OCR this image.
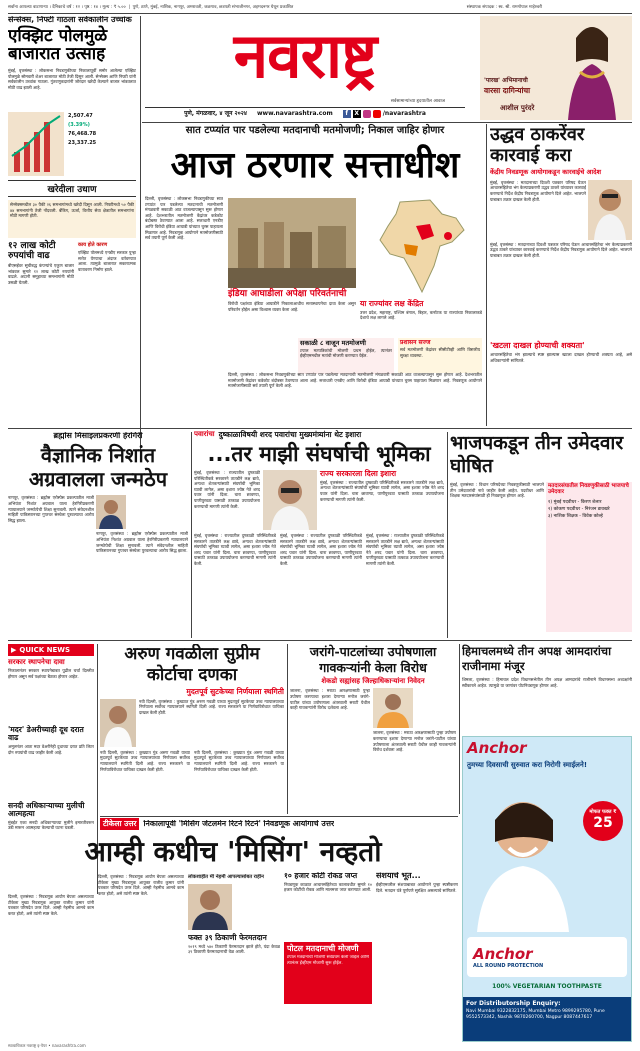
सर्वांना आपल्या वाटणाऱ्या । दैनिकाचे वर्ष : १२ । पृष्ठ : १४ । मूल्य : ₹ ५.००  |  पुणे, ठाणे, मुंबई, नाशिक, नागपूर, अमरावती, जळगाव, छत्रपती संभाजीनगर, अहमदनगर येथून प्रकाशित	संस्थापक संपादक : स्व. श्री. रामगोपाल माहेश्वरी
सेन्सेक्स, निफ्टी गाठला सर्वकालीन उच्चांक
एक्झिट पोलमुळे बाजारात उत्साह
मुंबई, वृत्तसंस्था : लोकसभा निवडणुकीच्या निकालापूर्वी समोर आलेल्या एक्झिट पोलमुळे सोमवारी शेअर बाजारात मोठी तेजी दिसून आली. सेन्सेक्स आणि निफ्टी यांनी सर्वकालीन उच्चांक गाठला. गुंतवणूकदारांनी जोरदार खरेदी केल्याने बाजार भांडवलात मोठी वाढ झाली आहे.
2,507.47
(3.39%)
76,468.78
23,337.25
खरेदीला उधाण
सेन्सेक्समधील ३० पैकी २६ समभागांमध्ये खरेदी दिसून आली. निफ्टीमध्ये ५० पैकी ४४ समभागांनी तेजी नोंदवली. बँकिंग, ऊर्जा, वित्तीय सेवा क्षेत्रातील समभागांना मोठी मागणी होती.
१२ लाख कोटी रुपयांची वाढ
बीएसईवर सूचीबद्ध कंपन्यांचे एकूण बाजार भांडवल सुमारे १२ लाख कोटी रुपयांनी वाढले. अदानी समूहाच्या समभागांनी मोठी उसळी घेतली.
काय होते कारण
एक्झिट पोलमध्ये एनडीए सरकार पुन्हा सत्तेत येण्याचा अंदाज वर्तवण्यात आला. त्यामुळे बाजारात सकारात्मक वातावरण निर्माण झाले.
नवराष्ट्र
सर्वसामान्यांच्या हृदयातील आवाज
पुणे, मंगळवार, ४ जून २०२४ www.navarashtra.com	f	X	/navarashtra
'पारख' अभिमानाची
वारसा दागिन्यांचा
आशील पुरंदरे
सात टप्प्यांत पार पडलेल्या मतदानाची मतमोजणी; निकाल जाहिर होणार
आज ठरणार सत्ताधीश
दिल्ली, वृत्तसंस्था : लोकसभा निवडणुकीच्या सात टप्प्यांत पार पडलेल्या मतदानाची मतमोजणी मंगळवारी सकाळी आठ वाजल्यापासून सुरू होणार आहे. देशभरातील मतमोजणी केंद्रांवर कडेकोट बंदोबस्त ठेवण्यात आला आहे. सत्ताधारी एनडीए आणि विरोधी इंडिया आघाडी यांच्यात चुरस पाहायला मिळणार आहे. निवडणूक आयोगाने मतमोजणीसाठी सर्व तयारी पूर्ण केली आहे.
इंडिया आघाडीला अपेक्षा परिवर्तनाची
विरोधी पक्षांच्या इंडिया आघाडीने निकालाआधीच सत्तास्थापनेचा दावा केला असून परिवर्तन होईल असा विश्वास व्यक्त केला आहे.
या राज्यांवर लक्ष केंद्रित
उत्तर प्रदेश, महाराष्ट्र, पश्चिम बंगाल, बिहार, कर्नाटक या राज्यांच्या निकालाकडे देशाचे लक्ष लागले आहे.
सकाळी ८ वाजून मतमोजणी
टपाल मतपत्रिकांची मोजणी प्रथम होईल, त्यानंतर ईव्हीएममधील मतांची मोजणी करण्यात येईल.
प्रशासन सज्ज
सर्व मतमोजणी केंद्रांवर सीसीटीव्ही आणि त्रिस्तरीय सुरक्षा व्यवस्था.
दिल्ली, वृत्तसंस्था : लोकसभा निवडणुकीच्या सात टप्प्यांत पार पडलेल्या मतदानाची मतमोजणी मंगळवारी सकाळी आठ वाजल्यापासून सुरू होणार आहे. देशभरातील मतमोजणी केंद्रांवर कडेकोट बंदोबस्त ठेवण्यात आला आहे. सत्ताधारी एनडीए आणि विरोधी इंडिया आघाडी यांच्यात चुरस पाहायला मिळणार आहे. निवडणूक आयोगाने मतमोजणीसाठी सर्व तयारी पूर्ण केली आहे.
उद्धव ठाकरेंवर कारवाई करा
केंद्रीय निवडणूक आयोगाकडून कारवाईचे आदेश
मुंबई, वृत्तसंस्था : मतदानाच्या दिवशी पत्रकार परिषद घेऊन आचारसंहितेचा भंग केल्याप्रकरणी उद्धव ठाकरे यांच्यावर कारवाई करण्याचे निर्देश केंद्रीय निवडणूक आयोगाने दिले आहेत. भाजपने याबाबत तक्रार दाखल केली होती.
मुंबई, वृत्तसंस्था : मतदानाच्या दिवशी पत्रकार परिषद घेऊन आचारसंहितेचा भंग केल्याप्रकरणी उद्धव ठाकरे यांच्यावर कारवाई करण्याचे निर्देश केंद्रीय निवडणूक आयोगाने दिले आहेत. भाजपने याबाबत तक्रार दाखल केली होती.
'खटला दाखल होण्याची शक्यता'
आचारसंहितेचा भंग झाल्याचे स्पष्ट झाल्यास खटला दाखल होण्याची शक्यता आहे, असे अधिकाऱ्यांनी सांगितले.
ब्रह्मोस मिसाइलप्रकरणी हेरगिरी
वैज्ञानिक निशांत अग्रवालला जन्मठेप
नागपूर, वृत्तसंस्था : ब्रह्मोस एरोस्पेस प्रकल्पातील माजी अभियंता निशांत अग्रवाल याला हेरगिरीप्रकरणी न्यायालयाने जन्मठेपेची शिक्षा सुनावली. त्याने संवेदनशील माहिती पाकिस्तानच्या गुप्तचर संस्थेला पुरवल्याचा आरोप सिद्ध झाला.
नागपूर, वृत्तसंस्था : ब्रह्मोस एरोस्पेस प्रकल्पातील माजी अभियंता निशांत अग्रवाल याला हेरगिरीप्रकरणी न्यायालयाने जन्मठेपेची शिक्षा सुनावली. त्याने संवेदनशील माहिती पाकिस्तानच्या गुप्तचर संस्थेला पुरवल्याचा आरोप सिद्ध झाला.
पवारांचा दुष्काळाविषयी शरद पवारांचा मुख्यमंत्र्यांना थेट इशारा
...तर माझी संघर्षाची भूमिका
मुंबई, वृत्तसंस्था : राज्यातील दुष्काळी परिस्थितीकडे सरकारने तातडीने लक्ष द्यावे, अन्यथा शेतकऱ्यांसाठी संघर्षाची भूमिका घ्यावी लागेल, असा इशारा ज्येष्ठ नेते शरद पवार यांनी दिला. चारा छावण्या, पाणीपुरवठा यासाठी तत्काळ उपाययोजना करण्याची मागणी त्यांनी केली.
राज्य सरकारला दिला इशारा
मुंबई, वृत्तसंस्था : राज्यातील दुष्काळी परिस्थितीकडे सरकारने तातडीने लक्ष द्यावे, अन्यथा शेतकऱ्यांसाठी संघर्षाची भूमिका घ्यावी लागेल, असा इशारा ज्येष्ठ नेते शरद पवार यांनी दिला. चारा छावण्या, पाणीपुरवठा यासाठी तत्काळ उपाययोजना करण्याची मागणी त्यांनी केली.
मुंबई, वृत्तसंस्था : राज्यातील दुष्काळी परिस्थितीकडे सरकारने तातडीने लक्ष द्यावे, अन्यथा शेतकऱ्यांसाठी संघर्षाची भूमिका घ्यावी लागेल, असा इशारा ज्येष्ठ नेते शरद पवार यांनी दिला. चारा छावण्या, पाणीपुरवठा यासाठी तत्काळ उपाययोजना करण्याची मागणी त्यांनी केली.
मुंबई, वृत्तसंस्था : राज्यातील दुष्काळी परिस्थितीकडे सरकारने तातडीने लक्ष द्यावे, अन्यथा शेतकऱ्यांसाठी संघर्षाची भूमिका घ्यावी लागेल, असा इशारा ज्येष्ठ नेते शरद पवार यांनी दिला. चारा छावण्या, पाणीपुरवठा यासाठी तत्काळ उपाययोजना करण्याची मागणी त्यांनी केली.
मुंबई, वृत्तसंस्था : राज्यातील दुष्काळी परिस्थितीकडे सरकारने तातडीने लक्ष द्यावे, अन्यथा शेतकऱ्यांसाठी संघर्षाची भूमिका घ्यावी लागेल, असा इशारा ज्येष्ठ नेते शरद पवार यांनी दिला. चारा छावण्या, पाणीपुरवठा यासाठी तत्काळ उपाययोजना करण्याची मागणी त्यांनी केली.
भाजपकडून तीन उमेदवार घोषित
मुंबई, वृत्तसंस्था : विधान परिषदेच्या निवडणुकीसाठी भाजपने तीन उमेदवारांची नावे जाहीर केली आहेत. पदवीधर आणि शिक्षक मतदारसंघांसाठी ही निवडणूक होणार आहे.
मतदारसंघातील निवडणुकीसाठी भाजपाचे उमेदवार
१) मुंबई पदवीधर - किरण शेलार
२) कोकण पदवीधर - निरंजन डावखरे
३) नाशिक शिक्षक - विवेक कोल्हे
▶ QUICK NEWS
सरकार स्थापनेचा दावा
निकालानंतर सरकार स्थापनेबाबत पुढील चर्चा दिल्लीत होणार असून सर्व पक्षांच्या बैठका होणार आहेत.
'मदर' डेअरीच्याही दूध दरात वाढ
अमूलनंतर आता मदर डेअरीनेही दुधाच्या दरात प्रति लिटर दोन रुपयांची वाढ जाहीर केली आहे.
सनदी अधिकाऱ्याच्या मुलीची आत्महत्या
मुंबईत एका सनदी अधिकाऱ्याच्या मुलीने इमारतीवरून उडी मारून आत्महत्या केल्याची घटना घडली.
अरुण गवळीला सुप्रीम कोर्टाचा दणका
मुदतपूर्व सुटकेच्या निर्णयाला स्थगिती
नवी दिल्ली, वृत्तसंस्था : कुख्यात गुंड अरुण गवळी याच्या मुदतपूर्व सुटकेच्या उच्च न्यायालयाच्या निर्णयाला सर्वोच्च न्यायालयाने स्थगिती दिली आहे. राज्य सरकारने या निर्णयाविरोधात याचिका दाखल केली होती.
नवी दिल्ली, वृत्तसंस्था : कुख्यात गुंड अरुण गवळी याच्या मुदतपूर्व सुटकेच्या उच्च न्यायालयाच्या निर्णयाला सर्वोच्च न्यायालयाने स्थगिती दिली आहे. राज्य सरकारने या निर्णयाविरोधात याचिका दाखल केली होती.
नवी दिल्ली, वृत्तसंस्था : कुख्यात गुंड अरुण गवळी याच्या मुदतपूर्व सुटकेच्या उच्च न्यायालयाच्या निर्णयाला सर्वोच्च न्यायालयाने स्थगिती दिली आहे. राज्य सरकारने या निर्णयाविरोधात याचिका दाखल केली होती.
जरांगे-पाटलांच्या उपोषणाला गावकऱ्यांनी केला विरोध
शेकडो सह्यांसह जिल्हाधिकाऱ्यांना निवेदन
जालना, वृत्तसंस्था : मराठा आरक्षणासाठी पुन्हा उपोषण करण्याचा इशारा देणाऱ्या मनोज जरांगे-पाटील यांच्या उपोषणाला अंतरवाली सराटी येथील काही गावकऱ्यांनी विरोध दर्शवला आहे.
जालना, वृत्तसंस्था : मराठा आरक्षणासाठी पुन्हा उपोषण करण्याचा इशारा देणाऱ्या मनोज जरांगे-पाटील यांच्या उपोषणाला अंतरवाली सराटी येथील काही गावकऱ्यांनी विरोध दर्शवला आहे.
हिमाचलमध्ये तीन अपक्ष आमदारांचा राजीनामा मंजूर
शिमला, वृत्तसंस्था : हिमाचल प्रदेश विधानसभेतील तीन अपक्ष आमदारांचे राजीनामे विधानसभा अध्यक्षांनी स्वीकारले आहेत. त्यामुळे या जागांवर पोटनिवडणूक होणार आहे.
Anchor
तुमच्या दिवसाची सुरुवात करा निरोगी स्माईलने!
मोफत फक्त ₹
25
Anchor
ALL ROUND PROTECTION
100% VEGETARIAN TOOTHPASTE
For Distributorship Enquiry:
Navi Mumbai 9322832175, Mumbai Metro 9899295780, Pune 9552573342, Nashik 9870260700, Nagpur 8087447617
टीकेला उत्तर निकालापूर्वी 'मिसिंग जेंटलमेन रिटर्न रिटर्न' निवडणूक आयोगाचे उत्तर
आम्ही कधीच 'मिसिंग' नव्हतो
दिल्ली, वृत्तसंस्था : निवडणूक आयोग बेपत्ता असल्याच्या टीकेला मुख्य निवडणूक आयुक्त राजीव कुमार यांनी पत्रकार परिषदेत उत्तर दिले. आम्ही नेहमीच आमचे काम करत होतो, असे त्यांनी स्पष्ट केले.
दिल्ली, वृत्तसंस्था : निवडणूक आयोग बेपत्ता असल्याच्या टीकेला मुख्य निवडणूक आयुक्त राजीव कुमार यांनी पत्रकार परिषदेत उत्तर दिले. आम्ही नेहमीच आमचे काम करत होतो, असे त्यांनी स्पष्ट केले.
लोकशाहीत मी नेहमी आपल्यासोबत राहीन
फक्त ३९ ठिकाणी फेरमतदान
२०१९ मध्ये ५४० ठिकाणी फेरमतदान झाले होते, यंदा केवळ ३९ ठिकाणी फेरमतदानाची वेळ आली.
१० हजार कोटी रोकड जप्त
निवडणूक काळात आचारसंहितेच्या कालावधीत सुमारे १० हजार कोटींची रोकड आणि मालमत्ता जप्त करण्यात आली.
पोटल मतदानाची मोजणी
टपाल मतदानाची मोजणी सर्वप्रथम केली जाईल आणि त्यानंतर ईव्हीएम मोजणी सुरू होईल.
संशयाचे भूत...
ईव्हीएमवरील संशयाबाबत आयोगाने पुन्हा स्पष्टीकरण दिले. मतदान यंत्रे पूर्णपणे सुरक्षित असल्याचे सांगितले.
स्वत्वाधिकार नवराष्ट्र इ-पेपर • navarashtra.com
